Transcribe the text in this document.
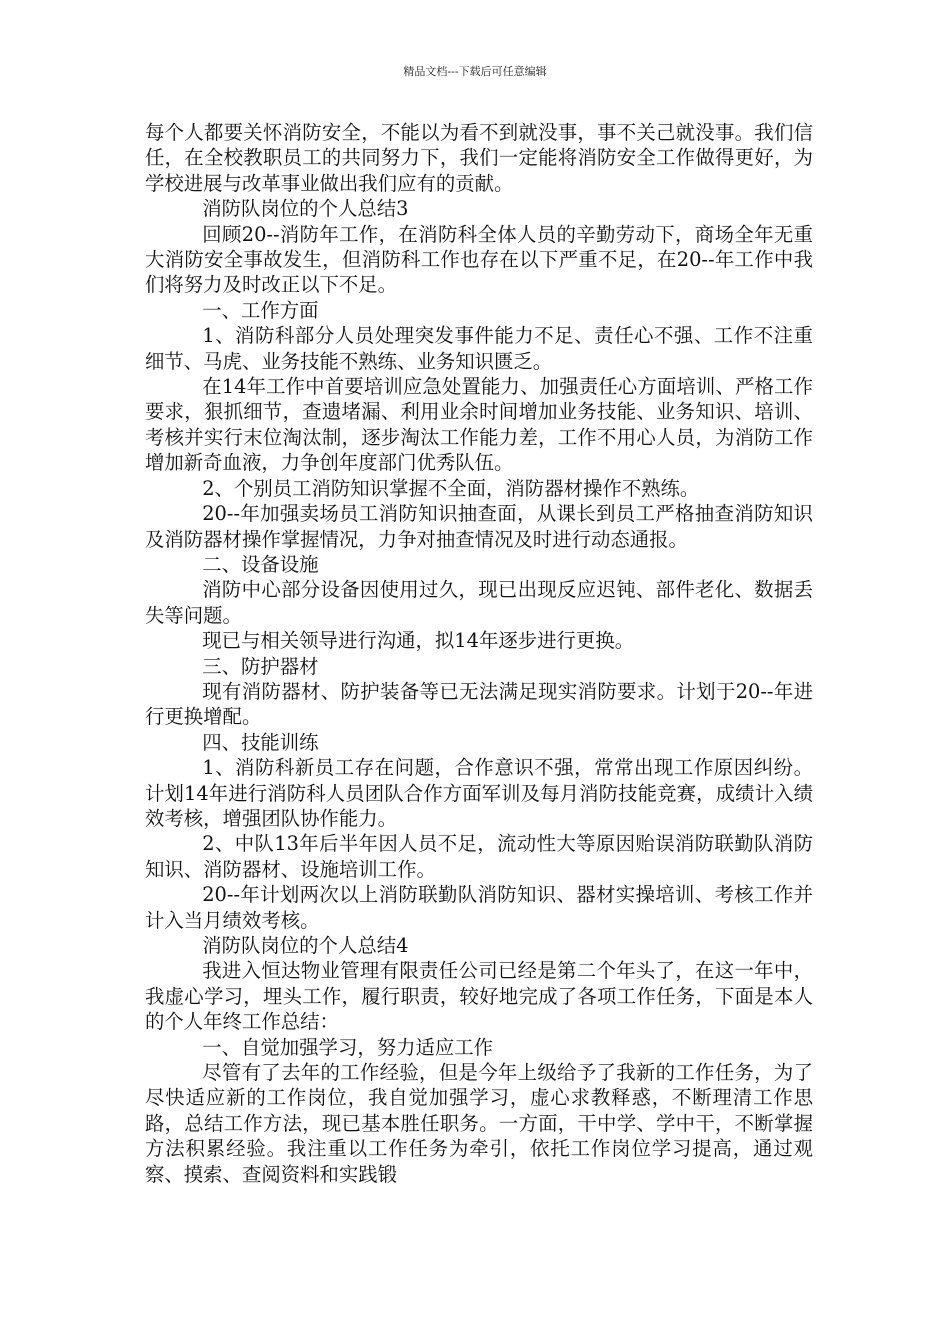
精品文档---下载后可任意编辑

每个人都要关怀消防安全，不能以为看不到就没事，事不关己就没事。我们信任，在全校教职员工的共同努力下，我们一定能将消防安全工作做得更好，为学校进展与改革事业做出我们应有的贡献。

消防队岗位的个人总结3

回顾20--消防年工作，在消防科全体人员的辛勤劳动下，商场全年无重大消防安全事故发生，但消防科工作也存在以下严重不足，在20--年工作中我们将努力及时改正以下不足。

一、工作方面

1、消防科部分人员处理突发事件能力不足、责任心不强、工作不注重细节、马虎、业务技能不熟练、业务知识匮乏。

在14年工作中首要培训应急处置能力、加强责任心方面培训、严格工作要求，狠抓细节，查遗堵漏、利用业余时间增加业务技能、业务知识、培训、考核并实行末位淘汰制，逐步淘汰工作能力差，工作不用心人员，为消防工作增加新奇血液，力争创年度部门优秀队伍。

2、个别员工消防知识掌握不全面，消防器材操作不熟练。

20--年加强卖场员工消防知识抽查面，从课长到员工严格抽查消防知识及消防器材操作掌握情况，力争对抽查情况及时进行动态通报。

二、设备设施

消防中心部分设备因使用过久，现已出现反应迟钝、部件老化、数据丢失等问题。

现已与相关领导进行沟通，拟14年逐步进行更换。

三、防护器材

现有消防器材、防护装备等已无法满足现实消防要求。计划于20--年进行更换增配。

四、技能训练

1、消防科新员工存在问题，合作意识不强，常常出现工作原因纠纷。计划14年进行消防科人员团队合作方面军训及每月消防技能竞赛，成绩计入绩效考核，增强团队协作能力。

2、中队13年后半年因人员不足，流动性大等原因贻误消防联勤队消防知识、消防器材、设施培训工作。

20--年计划两次以上消防联勤队消防知识、器材实操培训、考核工作并计入当月绩效考核。

消防队岗位的个人总结4

我进入恒达物业管理有限责任公司已经是第二个年头了，在这一年中，我虚心学习，埋头工作，履行职责，较好地完成了各项工作任务，下面是本人的个人年终工作总结：

一、自觉加强学习，努力适应工作

尽管有了去年的工作经验，但是今年上级给予了我新的工作任务，为了尽快适应新的工作岗位，我自觉加强学习，虚心求教释惑，不断理清工作思路，总结工作方法，现已基本胜任职务。一方面，干中学、学中干，不断掌握方法积累经验。我注重以工作任务为牵引，依托工作岗位学习提高，通过观察、摸索、查阅资料和实践锻
